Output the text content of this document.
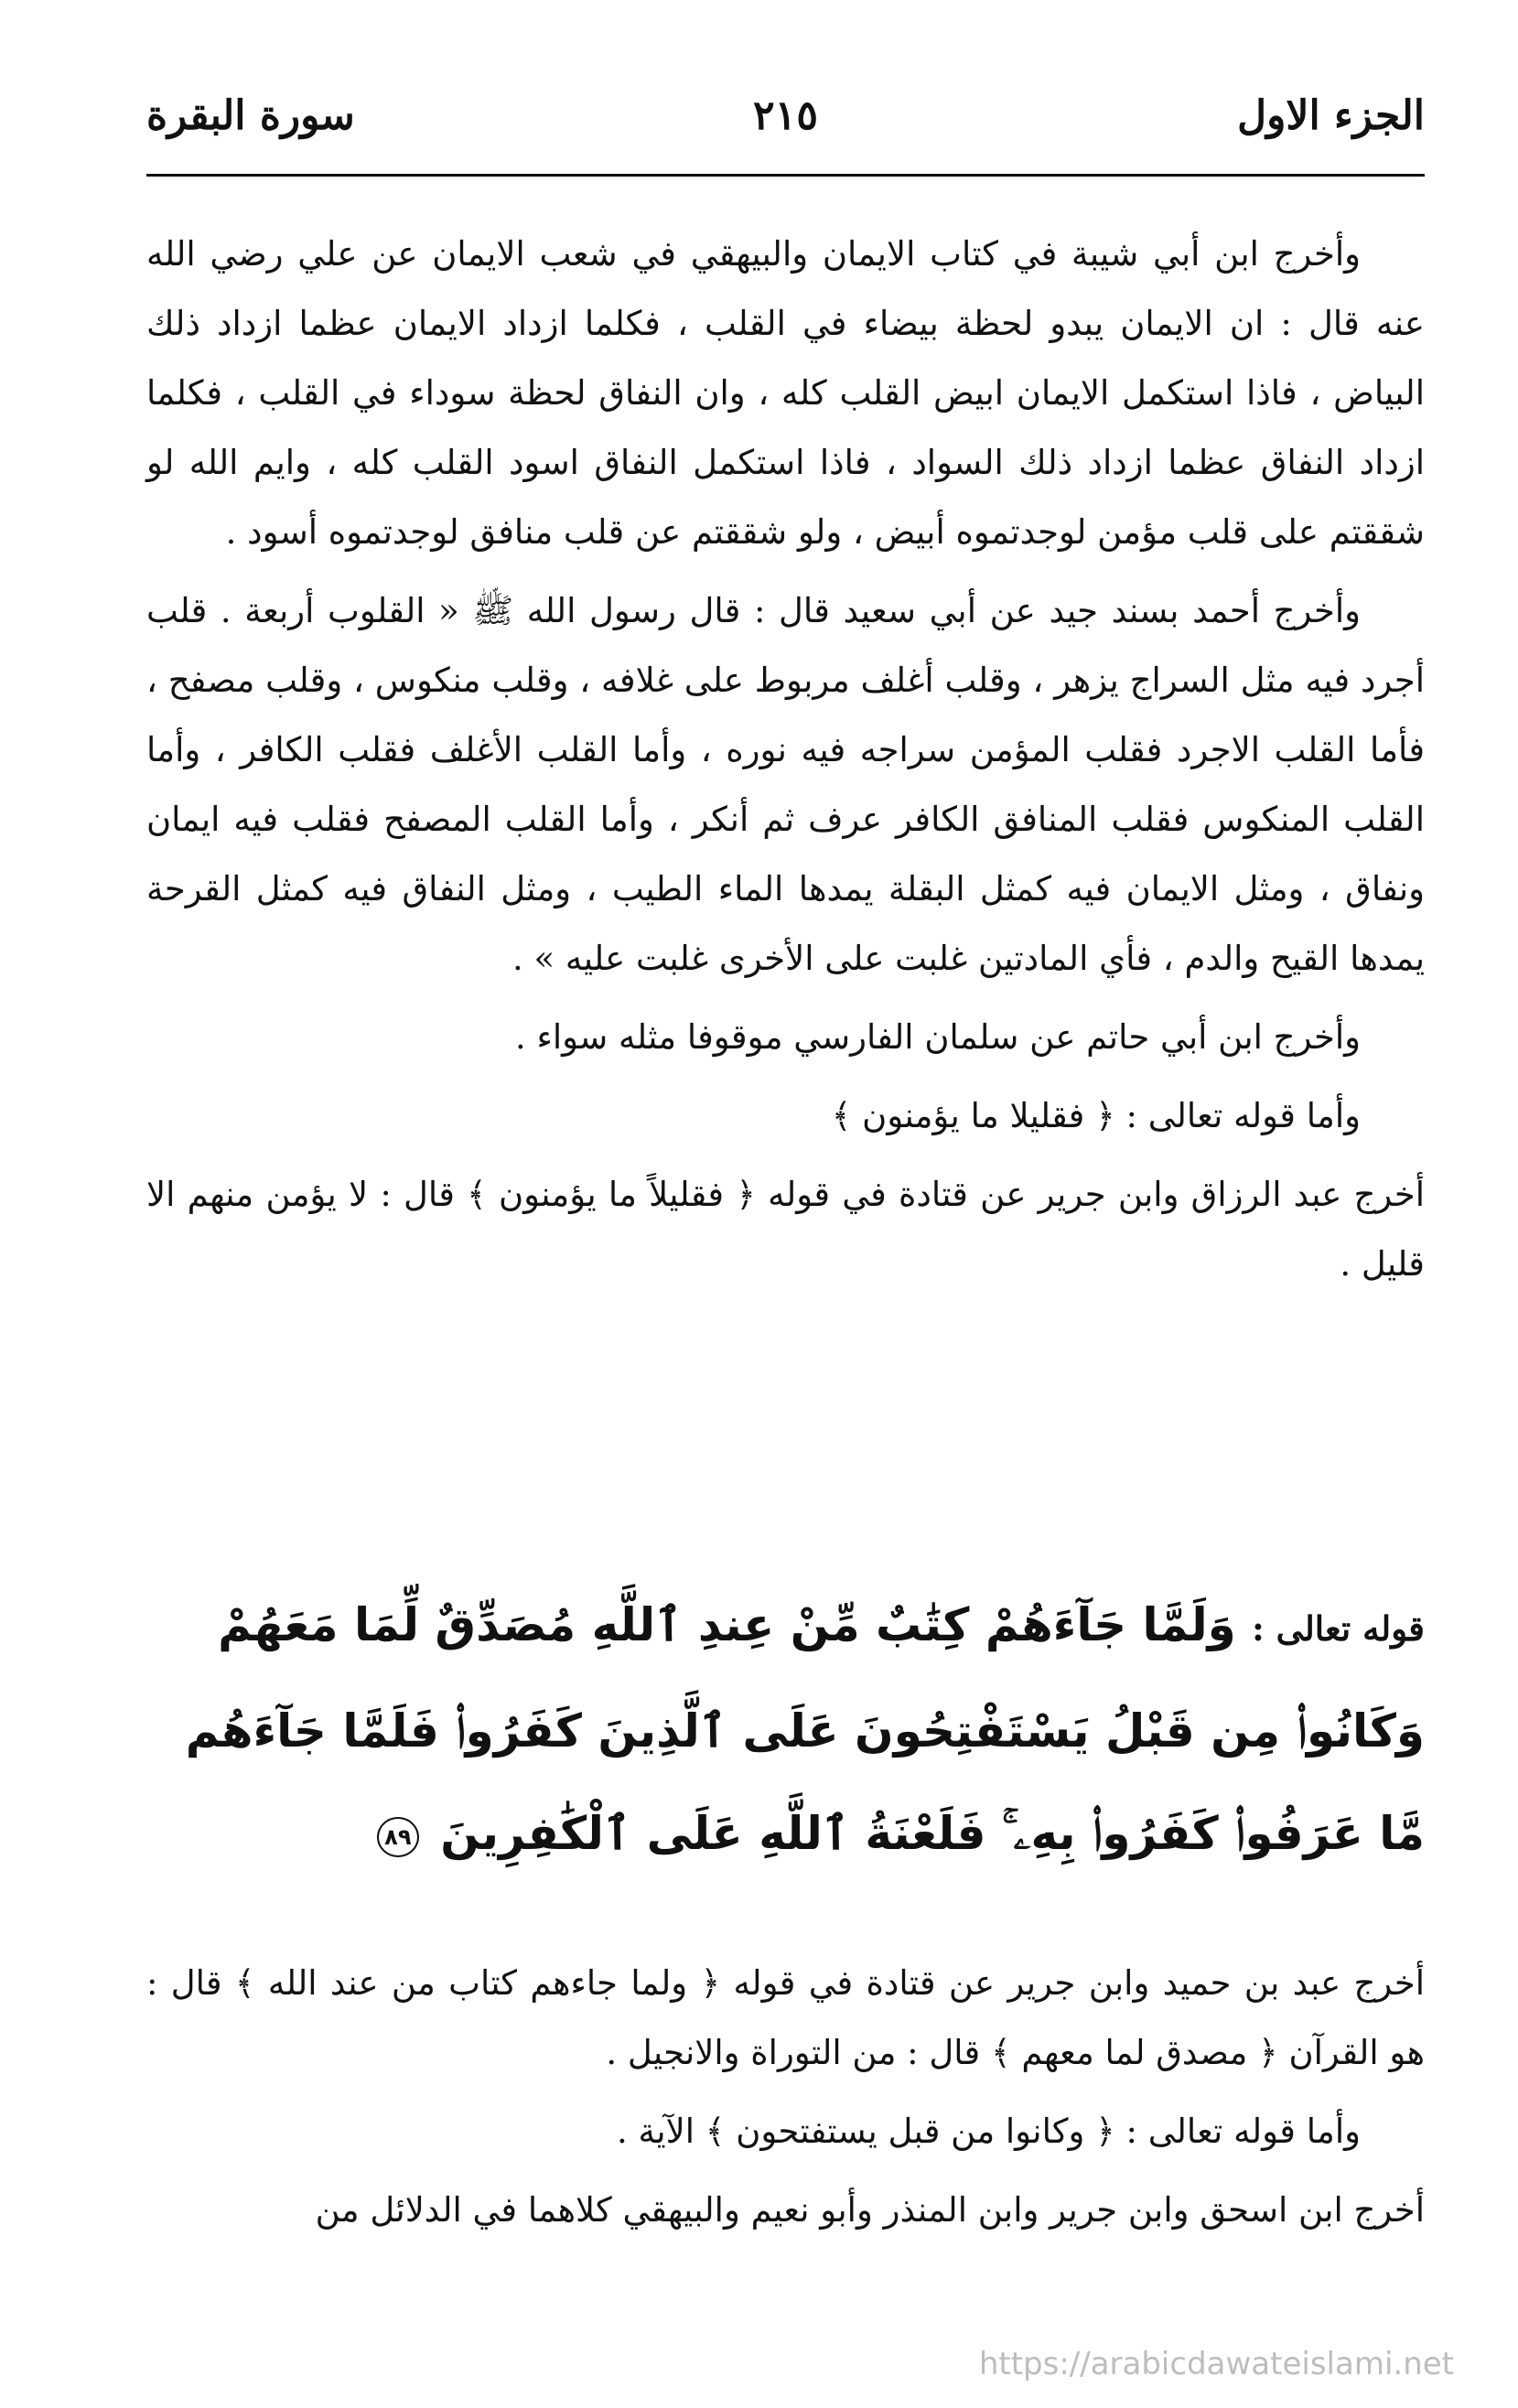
الجزء الاول
٢١٥
سورة البقرة

وأخرج ابن أبي شيبة في كتاب الايمان والبيهقي في شعب الايمان عن علي رضي الله عنه قال : ان الايمان يبدو لحظة بيضاء في القلب ، فكلما ازداد الايمان عظما ازداد ذلك البياض ، فاذا استكمل الايمان ابيض القلب كله ، وان النفاق لحظة سوداء في القلب ، فكلما ازداد النفاق عظما ازداد ذلك السواد ، فاذا استكمل النفاق اسود القلب كله ، وايم الله لو شققتم على قلب مؤمن لوجدتموه أبيض ، ولو شققتم عن قلب منافق لوجدتموه أسود .

وأخرج أحمد بسند جيد عن أبي سعيد قال : قال رسول الله ﷺ « القلوب أربعة . قلب أجرد فيه مثل السراج يزهر ، وقلب أغلف مربوط على غلافه ، وقلب منكوس ، وقلب مصفح ، فأما القلب الاجرد فقلب المؤمن سراجه فيه نوره ، وأما القلب الأغلف فقلب الكافر ، وأما القلب المنكوس فقلب المنافق الكافر عرف ثم أنكر ، وأما القلب المصفح فقلب فيه ايمان ونفاق ، ومثل الايمان فيه كمثل البقلة يمدها الماء الطيب ، ومثل النفاق فيه كمثل القرحة يمدها القيح والدم ، فأي المادتين غلبت على الأخرى غلبت عليه » .

وأخرج ابن أبي حاتم عن سلمان الفارسي موقوفا مثله سواء .

وأما قوله تعالى : ﴿ فقليلا ما يؤمنون ﴾

أخرج عبد الرزاق وابن جرير عن قتادة في قوله ﴿ فقليلاً ما يؤمنون ﴾ قال : لا يؤمن منهم الا قليل .

قوله تعالى : وَلَمَّا جَآءَهُمْ كِتَٰبٌ مِّنْ عِندِ ٱللَّهِ مُصَدِّقٌ لِّمَا مَعَهُمْ وَكَانُوا۟ مِن قَبْلُ يَسْتَفْتِحُونَ عَلَى ٱلَّذِينَ كَفَرُوا۟ فَلَمَّا جَآءَهُم مَّا عَرَفُوا۟ كَفَرُوا۟ بِهِۦ ۚ فَلَعْنَةُ ٱللَّهِ عَلَى ٱلْكَٰفِرِينَ ٨٩

أخرج عبد بن حميد وابن جرير عن قتادة في قوله ﴿ ولما جاءهم كتاب من عند الله ﴾ قال : هو القرآن ﴿ مصدق لما معهم ﴾ قال : من التوراة والانجيل .

وأما قوله تعالى : ﴿ وكانوا من قبل يستفتحون ﴾ الآية .

أخرج ابن اسحق وابن جرير وابن المنذر وأبو نعيم والبيهقي كلاهما في الدلائل من

https://arabicdawateislami.net
